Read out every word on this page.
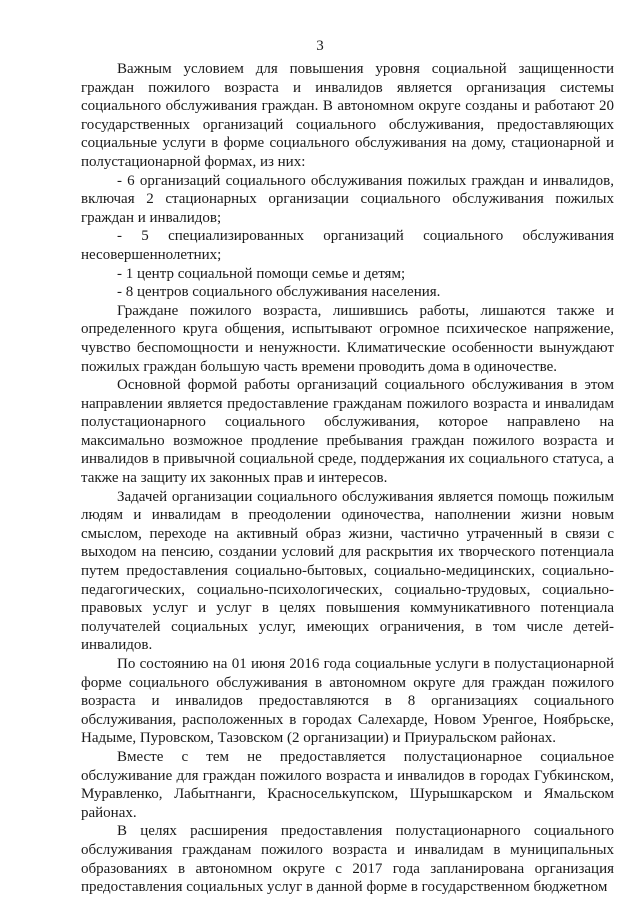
3

Важным условием для повышения уровня социальной защищенности граждан пожилого возраста и инвалидов является организация системы социального обслуживания граждан. В автономном округе созданы и работают 20 государственных организаций социального обслуживания, предоставляющих социальные услуги в форме социального обслуживания на дому, стационарной и полустационарной формах, из них:

- 6 организаций социального обслуживания пожилых граждан и инвалидов, включая 2 стационарных организации социального обслуживания пожилых граждан и инвалидов;

- 5 специализированных организаций социального обслуживания несовершеннолетних;

- 1 центр социальной помощи семье и детям;

- 8 центров социального обслуживания населения.

Граждане пожилого возраста, лишившись работы, лишаются также и определенного круга общения, испытывают огромное психическое напряжение, чувство беспомощности и ненужности. Климатические особенности вынуждают пожилых граждан большую часть времени проводить дома в одиночестве.

Основной формой работы организаций социального обслуживания в этом направлении является предоставление гражданам пожилого возраста и инвалидам полустационарного социального обслуживания, которое направлено на максимально возможное продление пребывания граждан пожилого возраста и инвалидов в привычной социальной среде, поддержания их социального статуса, а также на защиту их законных прав и интересов.

Задачей организации социального обслуживания является помощь пожилым людям и инвалидам в преодолении одиночества, наполнении жизни новым смыслом, переходе на активный образ жизни, частично утраченный в связи с выходом на пенсию, создании условий для раскрытия их творческого потенциала путем предоставления социально-бытовых, социально-медицинских, социально-педагогических, социально-психологических, социально-трудовых, социально-правовых услуг и услуг в целях повышения коммуникативного потенциала получателей социальных услуг, имеющих ограничения, в том числе детей-инвалидов.

По состоянию на 01 июня 2016 года социальные услуги в полустационарной форме социального обслуживания в автономном округе для граждан пожилого возраста и инвалидов предоставляются в 8 организациях социального обслуживания, расположенных в городах Салехарде, Новом Уренгое, Ноябрьске, Надыме, Пуровском, Тазовском (2 организации) и Приуральском районах.

Вместе с тем не предоставляется полустационарное социальное обслуживание для граждан пожилого возраста и инвалидов в городах Губкинском, Муравленко, Лабытнанги, Красноселькупском, Шурышкарском и Ямальском районах.

В целях расширения предоставления полустационарного социального обслуживания гражданам пожилого возраста и инвалидам в муниципальных образованиях в автономном округе с 2017 года запланирована организация предоставления социальных услуг в данной форме в государственном бюджетном
